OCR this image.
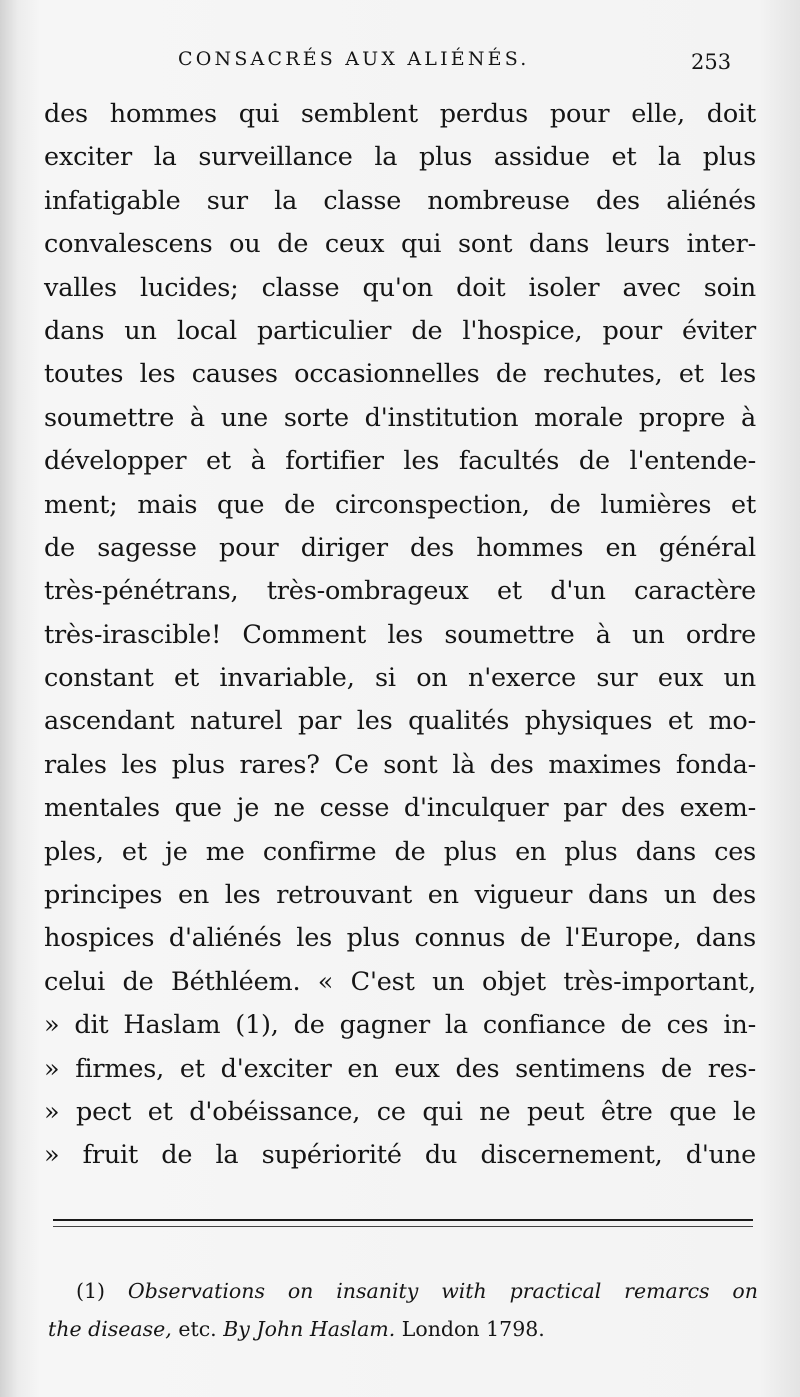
CONSACRÉS AUX ALIÉNÉS.	253
des hommes qui semblent perdus pour elle, doit
exciter la surveillance la plus assidue et la plus
infatigable sur la classe nombreuse des aliénés
convalescens ou de ceux qui sont dans leurs inter-
valles lucides; classe qu'on doit isoler avec soin
dans un local particulier de l'hospice, pour éviter
toutes les causes occasionnelles de rechutes, et les
soumettre à une sorte d'institution morale propre à
développer et à fortifier les facultés de l'entende-
ment; mais que de circonspection, de lumières et
de sagesse pour diriger des hommes en général
très-pénétrans, très-ombrageux et d'un caractère
très-irascible! Comment les soumettre à un ordre
constant et invariable, si on n'exerce sur eux un
ascendant naturel par les qualités physiques et mo-
rales les plus rares? Ce sont là des maximes fonda-
mentales que je ne cesse d'inculquer par des exem-
ples, et je me confirme de plus en plus dans ces
principes en les retrouvant en vigueur dans un des
hospices d'aliénés les plus connus de l'Europe, dans
celui de Béthléem. « C'est un objet très-important,
» dit Haslam (1), de gagner la confiance de ces in-
» firmes, et d'exciter en eux des sentimens de res-
» pect et d'obéissance, ce qui ne peut être que le
» fruit de la supériorité du discernement, d'une
(1) Observations on insanity with practical remarcs on
the disease, etc. By John Haslam. London 1798.
